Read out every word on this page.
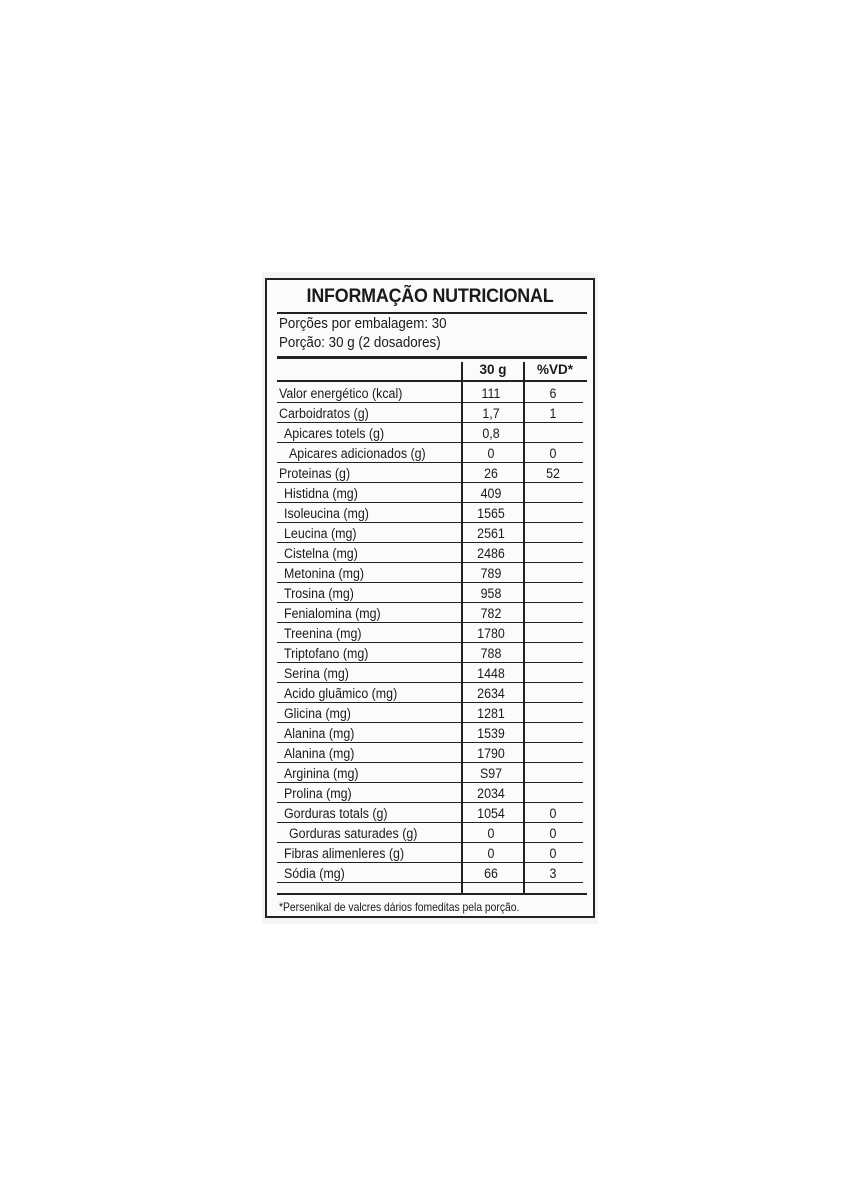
INFORMAÇÃO NUTRICIONAL
Porções por embalagem: 30
Porção: 30 g (2 dosadores)
30 g	%VD*
Valor energético (kcal)	111	6
Carboidratos (g)	1,7	1
Apicares totels (g)	0,8
Apicares adicionados (g)	0	0
Proteinas (g)	26	52
Histidna (mg)	409
Isoleucina (mg)	1565
Leucina (mg)	2561
Cistelna (mg)	2486
Metonina (mg)	789
Trosina (mg)	958
Fenialomina (mg)	782
Treenina (mg)	1780
Triptofano (mg)	788
Serina (mg)	1448
Acido gluãmico (mg)	2634
Glicina (mg)	1281
Alanina (mg)	1539
Alanina (mg)	1790
Arginina (mg)	S97
Prolina (mg)	2034
Gorduras totals (g)	1054	0
Gorduras saturades (g)	0	0
Fibras alimenleres (g)	0	0
Sódia (mg)	66	3
*Persenikal de valcres dários fomeditas pela porção.
